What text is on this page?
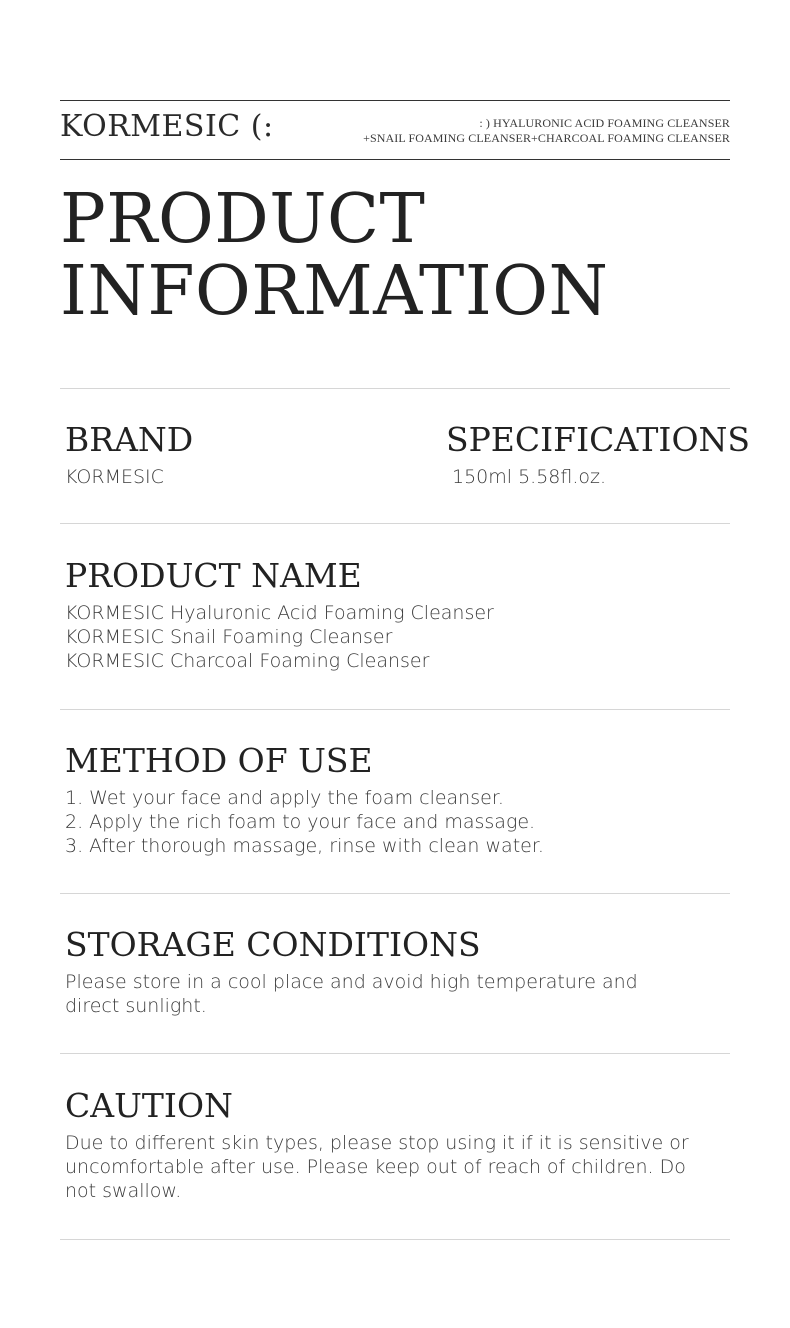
KORMESIC (:	: ) HYALURONIC ACID FOAMING CLEANSER
+SNAIL FOAMING CLEANSER+CHARCOAL FOAMING CLEANSER
PRODUCT
INFORMATION
BRAND
KORMESIC
SPECIFICATIONS
150ml 5.58fl.oz.
PRODUCT NAME
KORMESIC Hyaluronic Acid Foaming Cleanser
KORMESIC Snail Foaming Cleanser
KORMESIC Charcoal Foaming Cleanser
METHOD OF USE
1. Wet your face and apply the foam cleanser.
2. Apply the rich foam to your face and massage.
3. After thorough massage, rinse with clean water.
STORAGE CONDITIONS
Please store in a cool place and avoid high temperature and
direct sunlight.
CAUTION
Due to different skin types, please stop using it if it is sensitive or
uncomfortable after use. Please keep out of reach of children. Do
not swallow.
